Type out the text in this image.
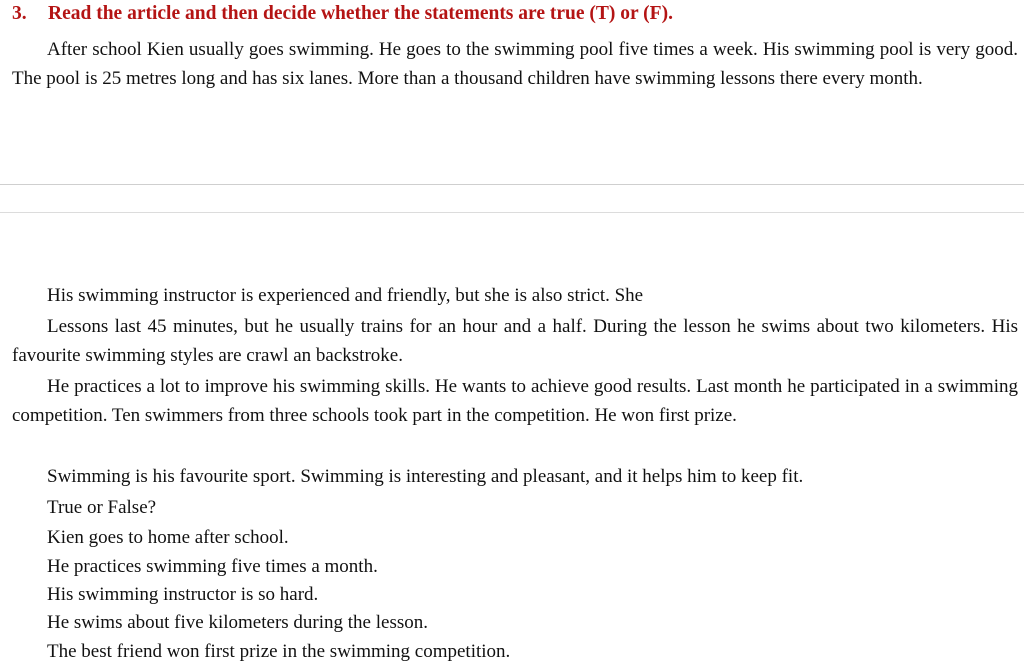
3. Read the article and then decide whether the statements are true (T) or (F).

After school Kien usually goes swimming. He goes to the swimming pool five times a week. His swimming pool is very good. The pool is 25 metres long and has six lanes. More than a thousand children have swimming lessons there every month.

His swimming instructor is experienced and friendly, but she is also strict. She

Lessons last 45 minutes, but he usually trains for an hour and a half. During the lesson he swims about two kilometers. His favourite swimming styles are crawl an backstroke.

He practices a lot to improve his swimming skills. He wants to achieve good results. Last month he participated in a swimming competition. Ten swimmers from three schools took part in the competition. He won first prize.

Swimming is his favourite sport. Swimming is interesting and pleasant, and it helps him to keep fit.

True or False?

Kien goes to home after school.

He practices swimming five times a month.

His swimming instructor is so hard.

He swims about five kilometers during the lesson.

The best friend won first prize in the swimming competition.
